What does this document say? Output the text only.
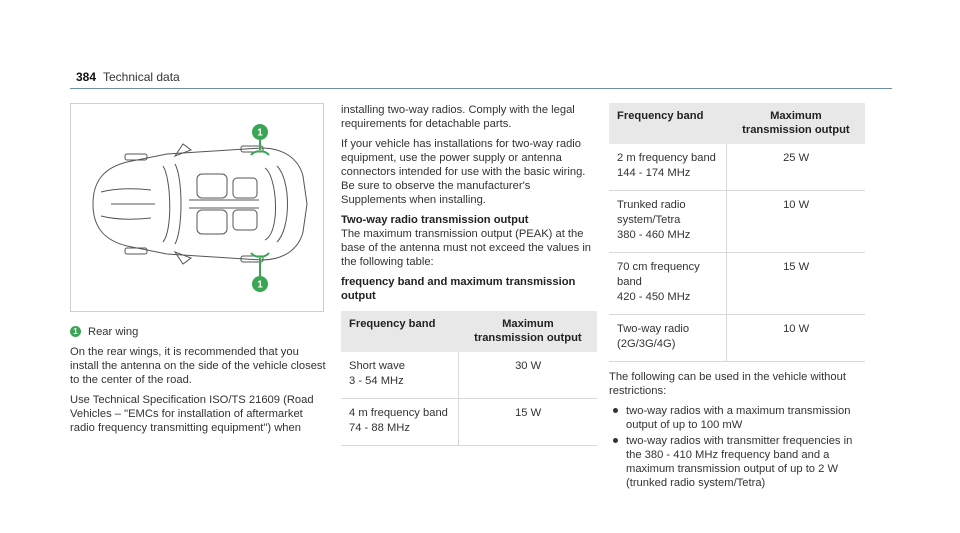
384 Technical data
1
1

1 Rear wing

On the rear wings, it is recommended that you install the antenna on the side of the vehicle closest to the center of the road.

Use Technical Specification ISO/TS 21609 (Road Vehicles – "EMCs for installation of aftermarket radio frequency transmitting equipment") when

installing two-way radios. Comply with the legal requirements for detachable parts.

If your vehicle has installations for two-way radio equipment, use the power supply or antenna connectors intended for use with the basic wiring. Be sure to observe the manufacturer's Supplements when installing.

Two-way radio transmission output

The maximum transmission output (PEAK) at the base of the antenna must not exceed the values in the following table:

frequency band and maximum transmission output
Frequency band	Maximum transmission output
Short wave
3 - 54 MHz	30 W
4 m frequency band
74 - 88 MHz	15 W
Frequency band	Maximum transmission output
2 m frequency band
144 - 174 MHz	25 W
Trunked radio system/Tetra
380 - 460 MHz	10 W
70 cm frequency band
420 - 450 MHz	15 W
Two-way radio (2G/3G/4G)	10 W

The following can be used in the vehicle without restrictions:

two-way radios with a maximum transmission output of up to 100 mW
two-way radios with transmitter frequencies in the 380 - 410 MHz frequency band and a maximum transmission output of up to 2 W (trunked radio system/Tetra)
